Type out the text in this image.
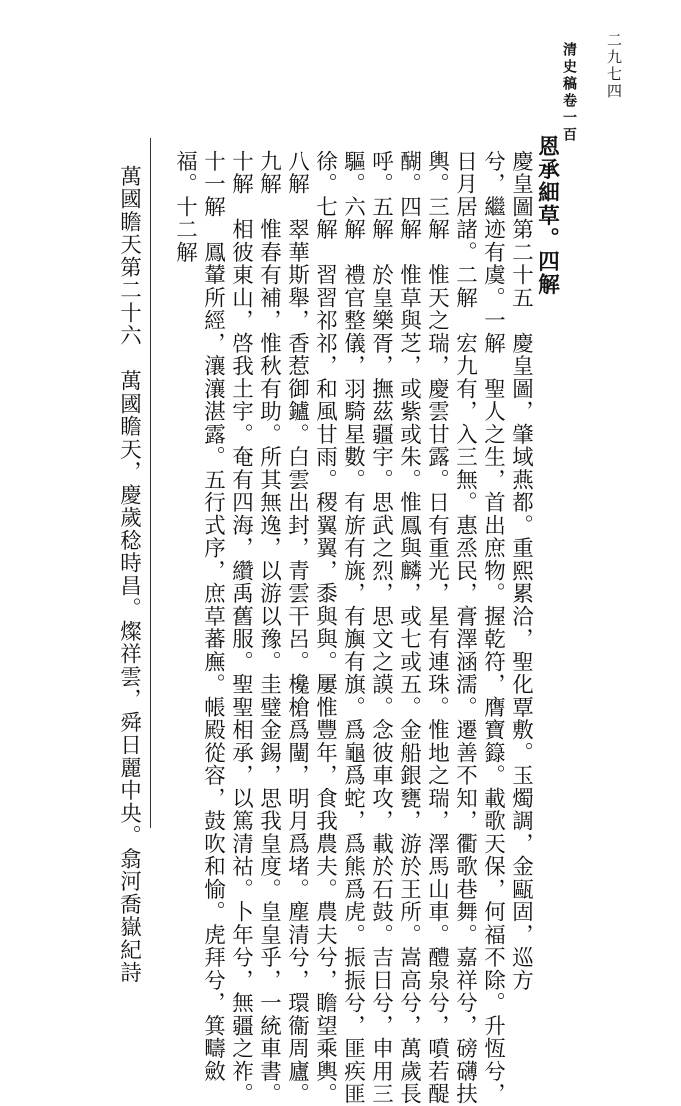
清史稿卷一百 二九七四
恩承細草。四解
慶皇圖第二十五　慶皇圖，肇域燕都。重熙累洽，聖化覃敷。玉燭調，金甌固，巡方
兮，繼迹有虞。一解　聖人之生，首出庶物。握乾符，膺寶籙。載歌天保，何福不除。升恆兮，
日月居諸。二解　宏九有，入三無。惠烝民，膏澤涵濡。遷善不知，衢歌巷舞。嘉祥兮，磅礴扶
輿。三解　惟天之瑞，慶雲甘露。日有重光，星有連珠。惟地之瑞，澤馬山車。醴泉兮，噴若醍
醐。四解　惟草與芝，或紫或朱。惟鳳與麟，或七或五。金船銀甕，游於王所。嵩高兮，萬歲長
呼。五解　於皇樂胥，撫茲疆宇。思武之烈，思文之謨。念彼車攻，載於石鼓。吉日兮，申用三
驅。六解　禮官整儀，羽騎星數。有旂有旐，有旟有旗。爲龜爲蛇，爲熊爲虎。振振兮，匪疾匪
徐。七解　習習祁祁，和風甘雨。稷翼翼，黍與與。屢惟豐年，食我農夫。農夫兮，瞻望乘輿。
八解　翠華斯舉，香惹御鑪。白雲出封，青雲干呂。欃槍爲闉，明月爲堵。塵清兮，環衞周廬。
九解　惟春有補，惟秋有助。所其無逸，以游以豫。圭璧金錫，思我皇度。皇皇乎，一統車書。
十解　相彼東山，啓我土宇。奄有四海，纘禹舊服。聖聖相承，以篤清祜。卜年兮，無疆之祚。
十一解　鳳輦所經，瀼瀼湛露。五行式序，庶草蕃廡。帳殿從容，鼓吹和愉。虎拜兮，箕疇斂
福。十二解
萬國瞻天第二十六　萬國瞻天，慶歲稔時昌。燦祥雲，舜日麗中央。翕河喬嶽紀詩
